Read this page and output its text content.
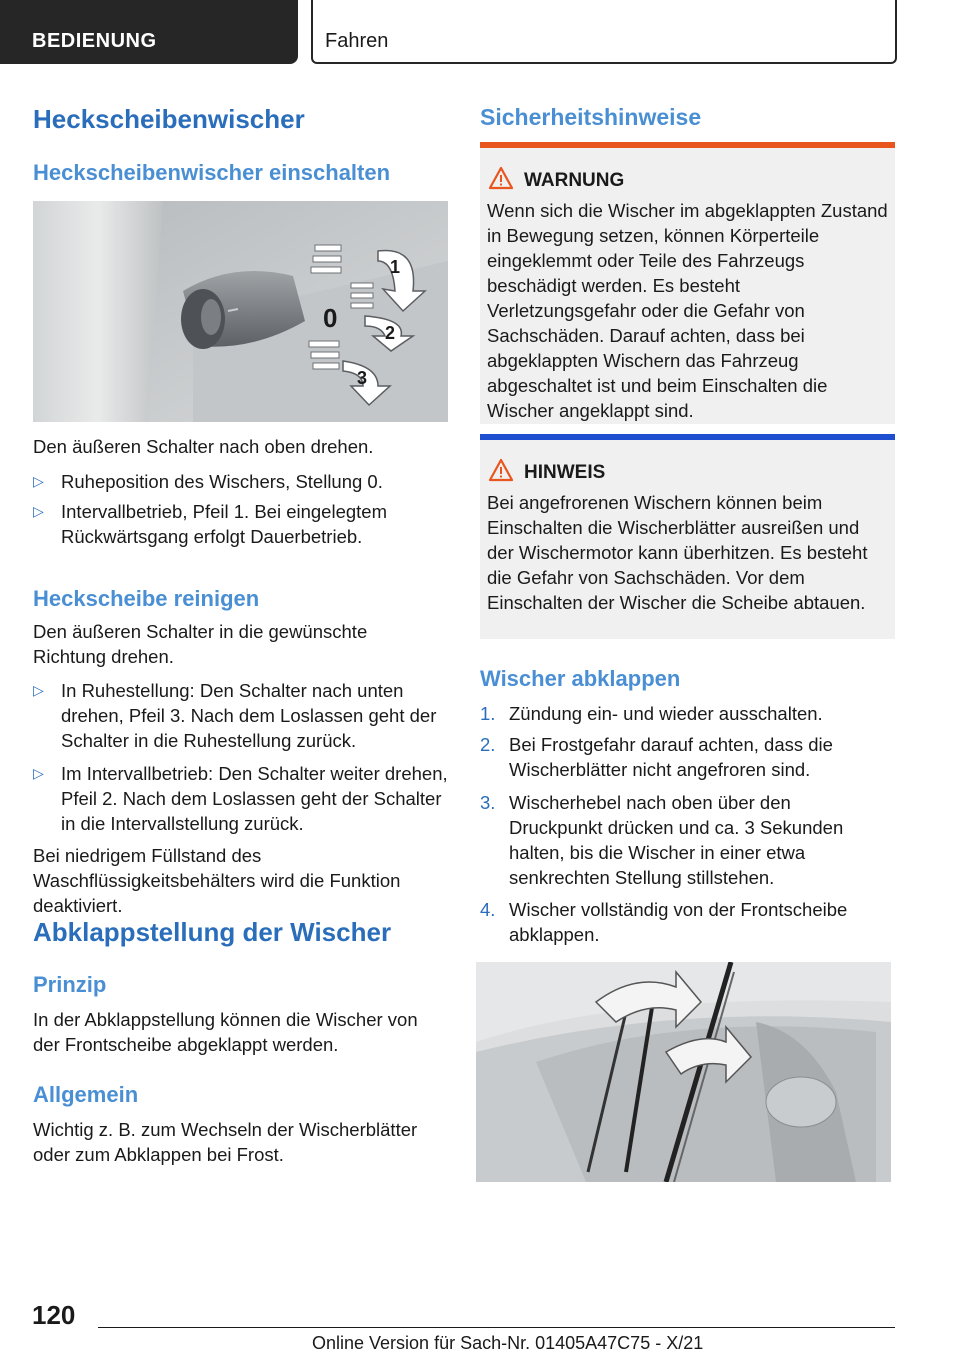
BEDIENUNG	Fahren
Heckscheibenwischer
Heckscheibenwischer einschalten
0
1
2
3

Den äußeren Schalter nach oben drehen.

▷ Ruheposition des Wischers, Stellung 0.
▷ Intervallbetrieb, Pfeil 1. Bei eingelegtem Rückwärtsgang erfolgt Dauerbetrieb.
Heckscheibe reinigen

Den äußeren Schalter in die gewünschte Richtung drehen.

▷ In Ruhestellung: Den Schalter nach unten drehen, Pfeil 3. Nach dem Loslassen geht der Schalter in die Ruhestellung zurück.
▷ Im Intervallbetrieb: Den Schalter weiter drehen, Pfeil 2. Nach dem Loslassen geht der Schalter in die Intervallstellung zurück.

Bei niedrigem Füllstand des Waschflüssigkeitsbehälters wird die Funktion deaktiviert.

Abklappstellung der Wischer
Prinzip

In der Abklappstellung können die Wischer von der Frontscheibe abgeklappt werden.

Allgemein

Wichtig z. B. zum Wechseln der Wischerblätter oder zum Abklappen bei Frost.

Sicherheitshinweise
WARNUNG
Wenn sich die Wischer im abgeklappten Zustand in Bewegung setzen, können Körperteile eingeklemmt oder Teile des Fahrzeugs beschädigt werden. Es besteht Verletzungsgefahr oder die Gefahr von Sachschäden. Darauf achten, dass bei abgeklappten Wischern das Fahrzeug abgeschaltet ist und beim Einschalten die Wischer angeklappt sind.
HINWEIS
Bei angefrorenen Wischern können beim Einschalten die Wischerblätter ausreißen und der Wischermotor kann überhitzen. Es besteht die Gefahr von Sachschäden. Vor dem Einschalten der Wischer die Scheibe abtauen.
Wischer abklappen
1. Zündung ein- und wieder ausschalten.
2. Bei Frostgefahr darauf achten, dass die Wischerblätter nicht angefroren sind.
3. Wischerhebel nach oben über den Druckpunkt drücken und ca. 3 Sekunden halten, bis die Wischer in einer etwa senkrechten Stellung stillstehen.
4. Wischer vollständig von der Frontscheibe abklappen.
120
Online Version für Sach-Nr. 01405A47C75 - X/21
